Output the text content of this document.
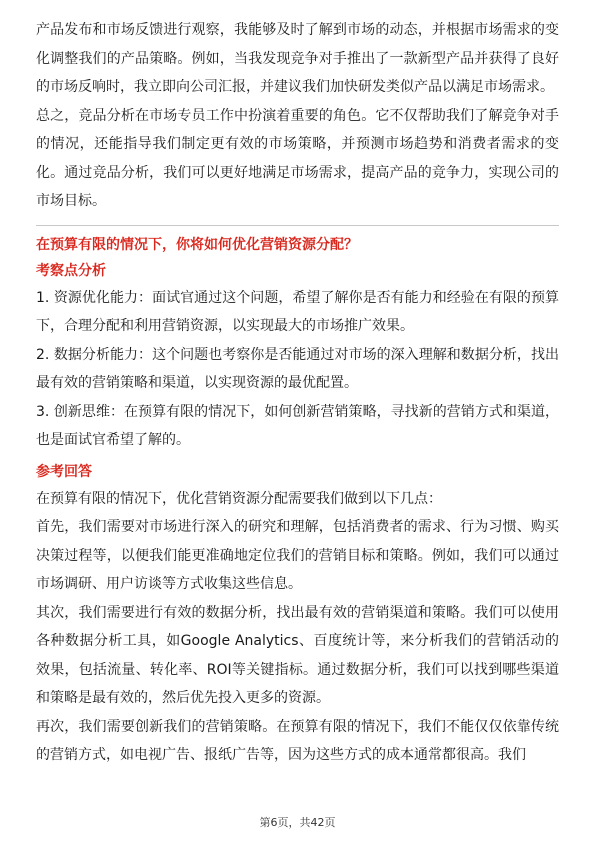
产品发布和市场反馈进行观察，我能够及时了解到市场的动态，并根据市场需求的变化调整我们的产品策略。例如，当我发现竞争对手推出了一款新型产品并获得了良好的市场反响时，我立即向公司汇报，并建议我们加快研发类似产品以满足市场需求。

总之，竞品分析在市场专员工作中扮演着重要的角色。它不仅帮助我们了解竞争对手的情况，还能指导我们制定更有效的市场策略，并预测市场趋势和消费者需求的变化。通过竞品分析，我们可以更好地满足市场需求，提高产品的竞争力，实现公司的市场目标。

在预算有限的情况下，你将如何优化营销资源分配？
考察点分析

1. 资源优化能力：面试官通过这个问题，希望了解你是否有能力和经验在有限的预算下，合理分配和利用营销资源，以实现最大的市场推广效果。

2. 数据分析能力：这个问题也考察你是否能通过对市场的深入理解和数据分析，找出最有效的营销策略和渠道，以实现资源的最优配置。

3. 创新思维：在预算有限的情况下，如何创新营销策略，寻找新的营销方式和渠道，也是面试官希望了解的。

参考回答

在预算有限的情况下，优化营销资源分配需要我们做到以下几点：

首先，我们需要对市场进行深入的研究和理解，包括消费者的需求、行为习惯、购买决策过程等，以便我们能更准确地定位我们的营销目标和策略。例如，我们可以通过市场调研、用户访谈等方式收集这些信息。

其次，我们需要进行有效的数据分析，找出最有效的营销渠道和策略。我们可以使用各种数据分析工具，如Google Analytics、百度统计等，来分析我们的营销活动的效果，包括流量、转化率、ROI等关键指标。通过数据分析，我们可以找到哪些渠道和策略是最有效的，然后优先投入更多的资源。

再次，我们需要创新我们的营销策略。在预算有限的情况下，我们不能仅仅依靠传统的营销方式，如电视广告、报纸广告等，因为这些方式的成本通常都很高。我们

第6页，共42页
